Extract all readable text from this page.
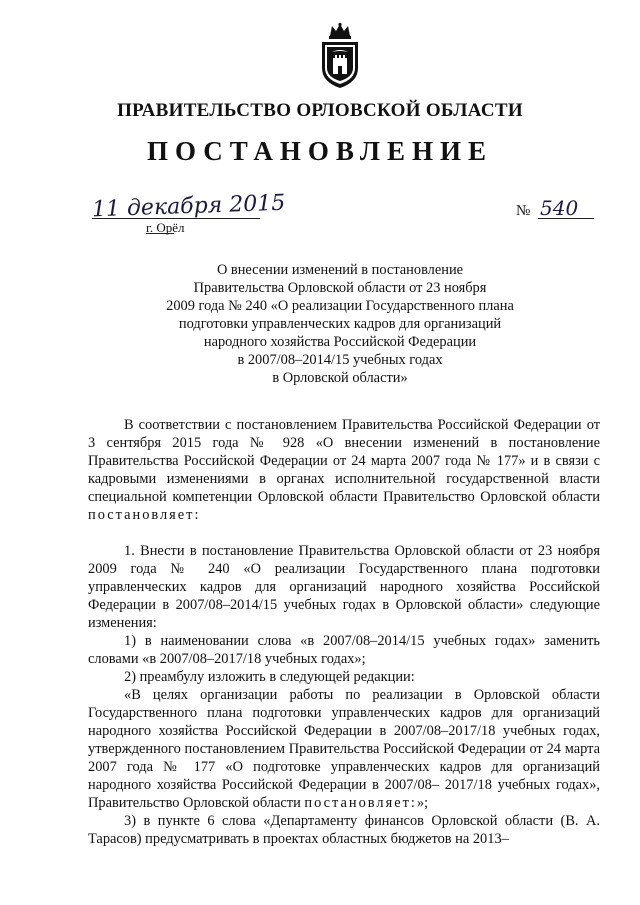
ПРАВИТЕЛЬСТВО ОРЛОВСКОЙ ОБЛАСТИ
ПОСТАНОВЛЕНИЕ
11 декабря 2015
г. Орёл
№ 540
О внесении изменений в постановление
Правительства Орловской области от 23 ноября
2009 года № 240 «О реализации Государственного плана
подготовки управленческих кадров для организаций
народного хозяйства Российской Федерации
в 2007/08–2014/15 учебных годах
в Орловской области»

В соответствии с постановлением Правительства Российской Федерации от 3 сентября 2015 года № 928 «О внесении изменений в постановление Правительства Российской Федерации от 24 марта 2007 года № 177» и в связи с кадровыми изменениями в органах исполнительной государственной власти специальной компетенции Орловской области Правительство Орловской области постановляет:

1. Внести в постановление Правительства Орловской области от 23 ноября 2009 года № 240 «О реализации Государственного плана подготовки управленческих кадров для организаций народного хозяйства Российской Федерации в 2007/08–2014/15 учебных годах в Орловской области» следующие изменения:

1) в наименовании слова «в 2007/08–2014/15 учебных годах» заменить словами «в 2007/08–2017/18 учебных годах»;

2) преамбулу изложить в следующей редакции:

«В целях организации работы по реализации в Орловской области Государственного плана подготовки управленческих кадров для организаций народного хозяйства Российской Федерации в 2007/08–2017/18 учебных годах, утвержденного постановлением Правительства Российской Федерации от 24 марта 2007 года № 177 «О подготовке управленческих кадров для организаций народного хозяйства Российской Федерации в 2007/08– 2017/18 учебных годах», Правительство Орловской области постановляет:»;

3) в пункте 6 слова «Департаменту финансов Орловской области (В. А. Тарасов) предусматривать в проектах областных бюджетов на 2013–
